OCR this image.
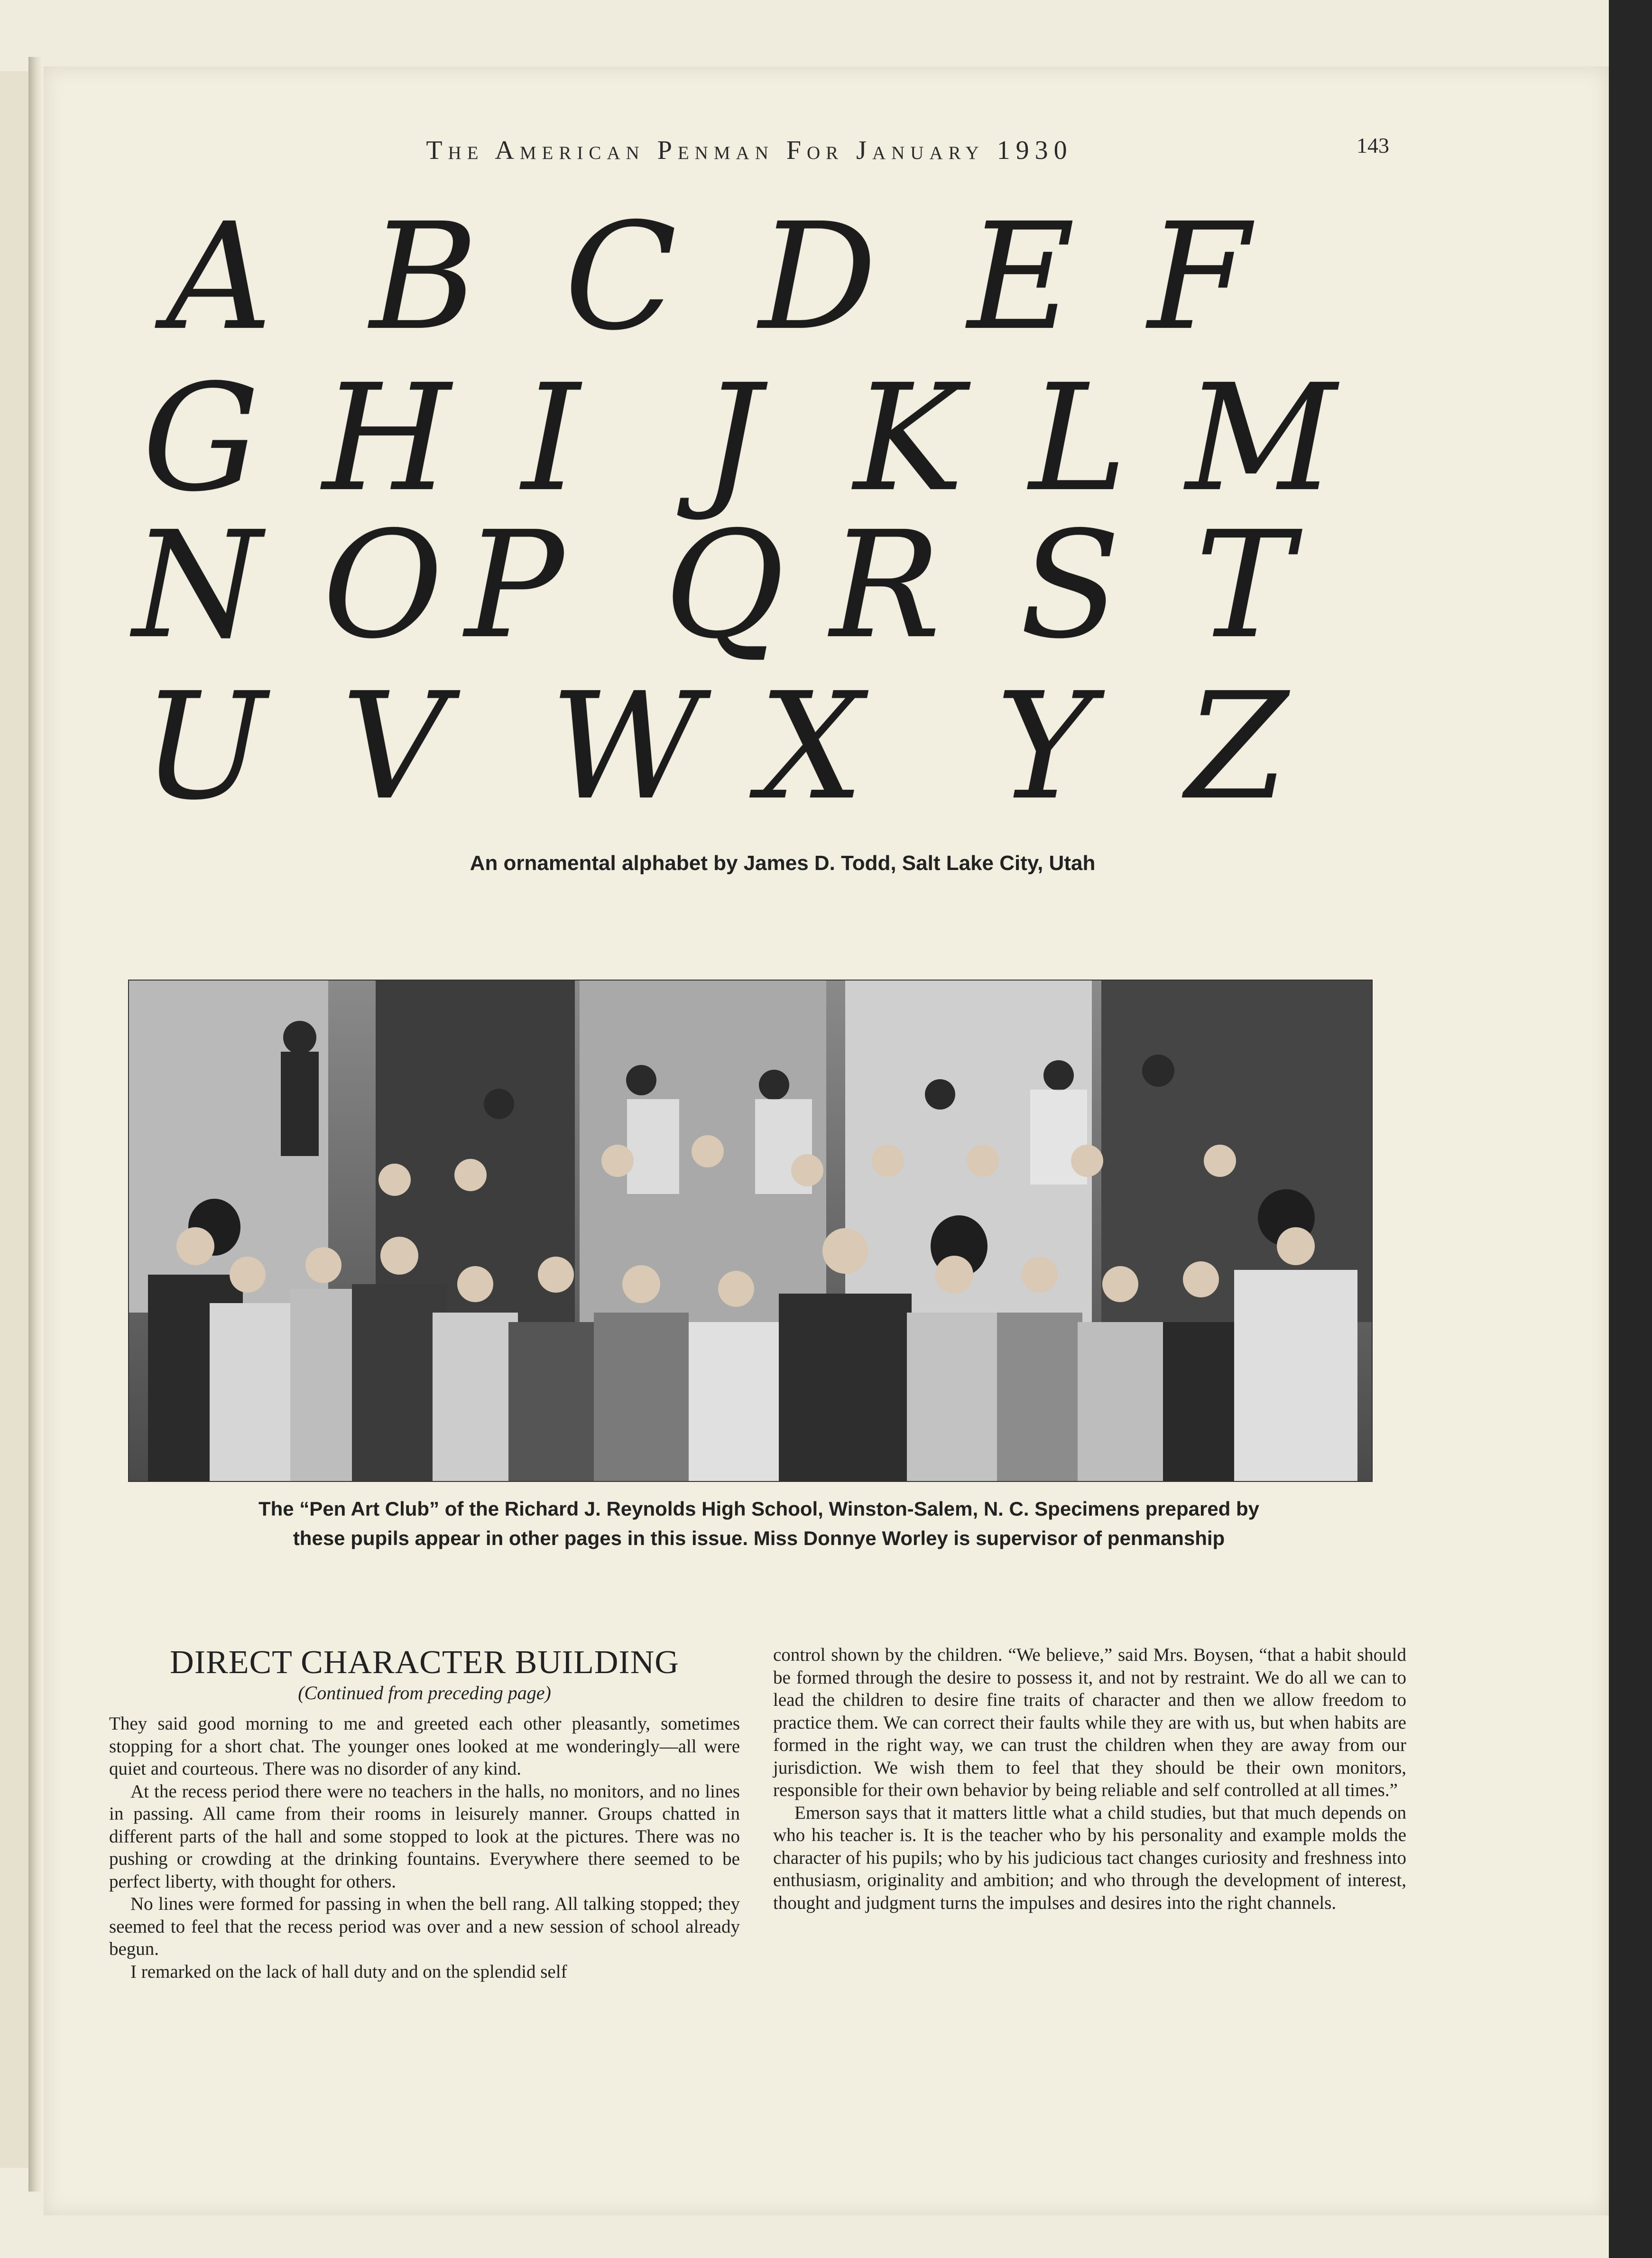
The American Penman For January 1930	143
A B C D E F
G H I J K L M
N O P Q R S T
U V W X Y Z
An ornamental alphabet by James D. Todd, Salt Lake City, Utah
The “Pen Art Club” of the Richard J. Reynolds High School, Winston-Salem, N. C. Specimens prepared by
these pupils appear in other pages in this issue. Miss Donnye Worley is supervisor of penmanship
DIRECT CHARACTER BUILDING
(Continued from preceding page)

They said good morning to me and greeted each other pleasantly, sometimes stopping for a short chat. The younger ones looked at me wonderingly—all were quiet and courteous. There was no disorder of any kind.

At the recess period there were no teachers in the halls, no monitors, and no lines in passing. All came from their rooms in leisurely manner. Groups chatted in different parts of the hall and some stopped to look at the pictures. There was no pushing or crowding at the drinking fountains. Everywhere there seemed to be perfect liberty, with thought for others.

No lines were formed for passing in when the bell rang. All talking stopped; they seemed to feel that the recess period was over and a new session of school already begun.

I remarked on the lack of hall duty and on the splendid self

control shown by the children. “We believe,” said Mrs. Boysen, “that a habit should be formed through the desire to possess it, and not by restraint. We do all we can to lead the children to desire fine traits of character and then we allow freedom to practice them. We can correct their faults while they are with us, but when habits are formed in the right way, we can trust the children when they are away from our jurisdiction. We wish them to feel that they should be their own monitors, responsible for their own behavior by being reliable and self controlled at all times.”

Emerson says that it matters little what a child studies, but that much depends on who his teacher is. It is the teacher who by his personality and example molds the character of his pupils; who by his judicious tact changes curiosity and freshness into enthusiasm, originality and ambition; and who through the development of interest, thought and judgment turns the impulses and desires into the right channels.
